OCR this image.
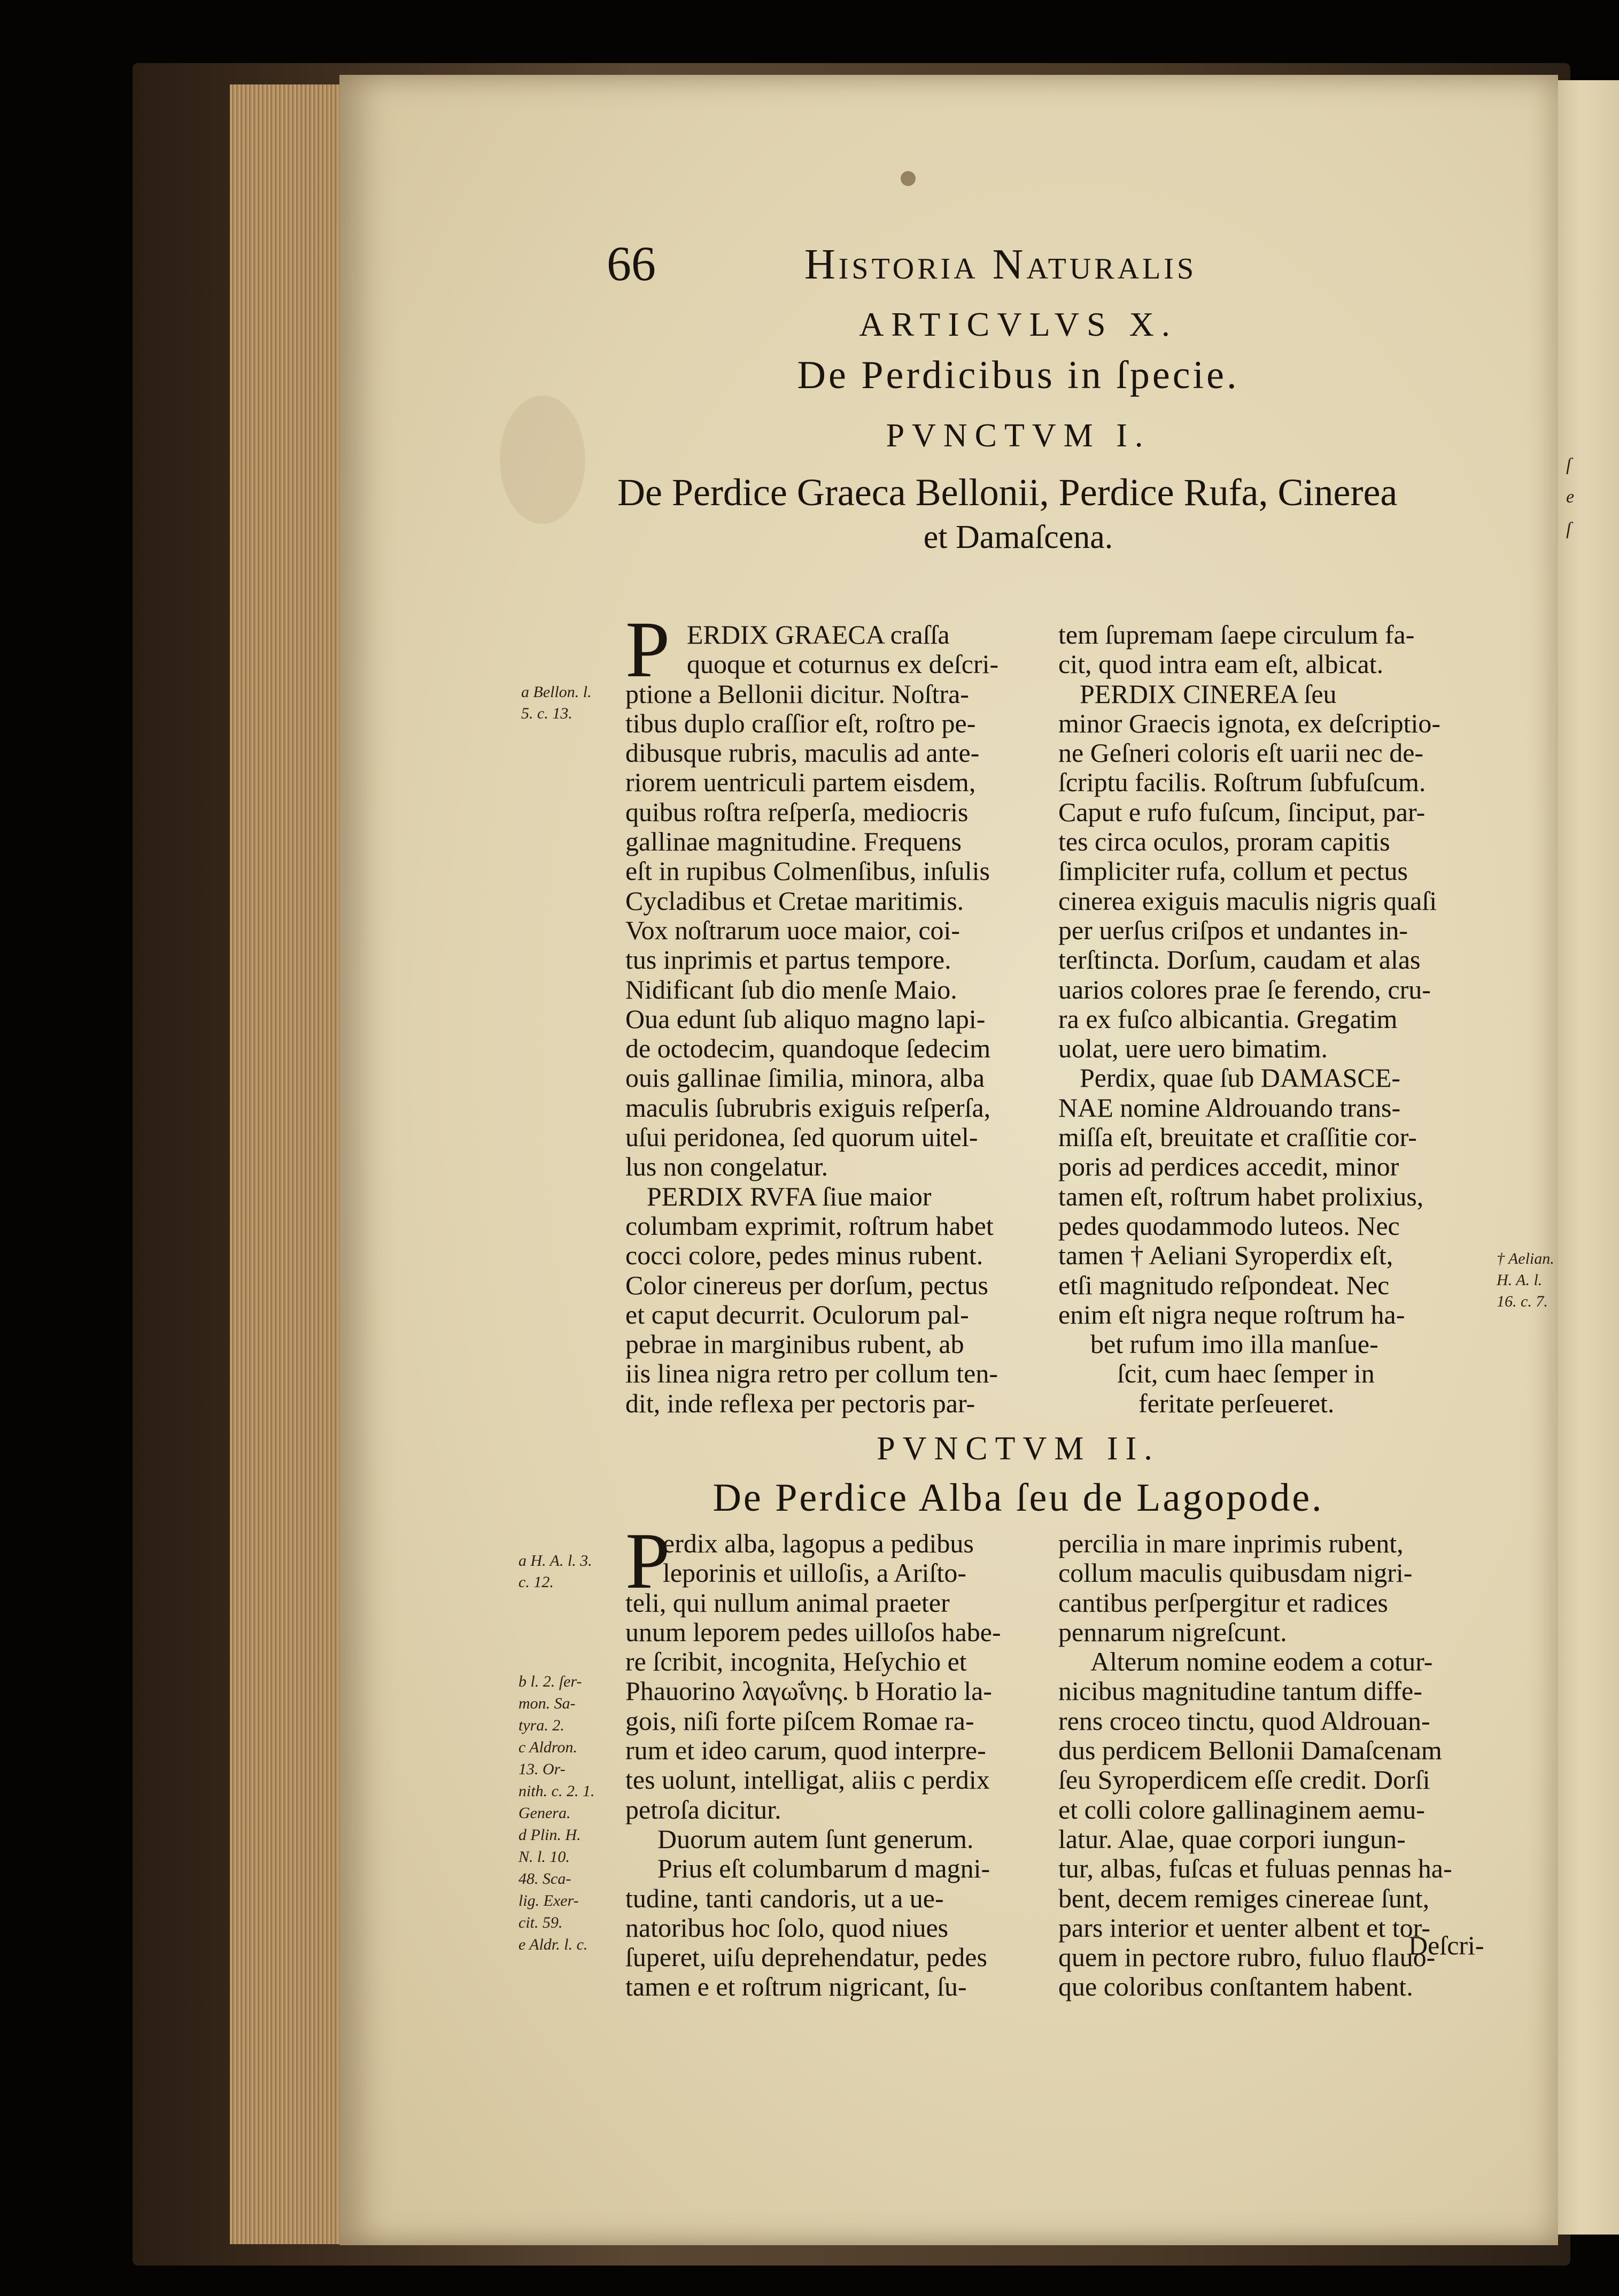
ſ
e
ſ
66	Historia Naturalis
ARTICVLVS X.
De Perdicibus in ſpecie.
PVNCTVM I.
De Perdice Graeca Bellonii, Perdice Rufa, Cinerea
et Damaſcena.
P ERDIX GRAECA craſſa
quoque et coturnus ex deſcri-
ptione a Bellonii dicitur. Noſtra-
tibus duplo craſſior eſt, roſtro pe-
dibusque rubris, maculis ad ante-
riorem uentriculi partem eisdem,
quibus roſtra reſperſa, mediocris
gallinae magnitudine. Frequens
eſt in rupibus Colmenſibus, inſulis
Cycladibus et Cretae maritimis.
Vox noſtrarum uoce maior, coi-
tus inprimis et partus tempore.
Nidificant ſub dio menſe Maio.
Oua edunt ſub aliquo magno lapi-
de octodecim, quandoque ſedecim
ouis gallinae ſimilia, minora, alba
maculis ſubrubris exiguis reſperſa,
uſui peridonea, ſed quorum uitel-
lus non congelatur.
PERDIX RVFA ſiue maior
columbam exprimit, roſtrum habet
cocci colore, pedes minus rubent.
Color cinereus per dorſum, pectus
et caput decurrit. Oculorum pal-
pebrae in marginibus rubent, ab
iis linea nigra retro per collum ten-
dit, inde reflexa per pectoris par-
tem ſupremam ſaepe circulum fa-
cit, quod intra eam eſt, albicat.
PERDIX CINEREA ſeu
minor Graecis ignota, ex deſcriptio-
ne Geſneri coloris eſt uarii nec de-
ſcriptu facilis. Roſtrum ſubfuſcum.
Caput e rufo fuſcum, ſinciput, par-
tes circa oculos, proram capitis
ſimpliciter rufa, collum et pectus
cinerea exiguis maculis nigris quaſi
per uerſus criſpos et undantes in-
terſtincta. Dorſum, caudam et alas
uarios colores prae ſe ferendo, cru-
ra ex fuſco albicantia. Gregatim
uolat, uere uero bimatim.
Perdix, quae ſub DAMASCE-
NAE nomine Aldrouando trans-
miſſa eſt, breuitate et craſſitie cor-
poris ad perdices accedit, minor
tamen eſt, roſtrum habet prolixius,
pedes quodammodo luteos. Nec
tamen † Aeliani Syroperdix eſt,
etſi magnitudo reſpondeat. Nec
enim eſt nigra neque roſtrum ha-
bet rufum imo illa manſue-
ſcit, cum haec ſemper in
feritate perſeueret.
a Bellon. l.
5. c. 13.
† Aelian.
H. A. l.
16. c. 7.
PVNCTVM II.
De Perdice Alba ſeu de Lagopode.
P
erdix alba, lagopus a pedibus
leporinis et uilloſis, a Ariſto-
teli, qui nullum animal praeter
unum leporem pedes uilloſos habe-
re ſcribit, incognita, Heſychio et
Phauorino λαγωΐνης. b Horatio la-
gois, niſi forte piſcem Romae ra-
rum et ideo carum, quod interpre-
tes uolunt, intelligat, aliis c perdix
petroſa dicitur.
Duorum autem ſunt generum.
Prius eſt columbarum d magni-
tudine, tanti candoris, ut a ue-
natoribus hoc ſolo, quod niues
ſuperet, uiſu deprehendatur, pedes
tamen e et roſtrum nigricant, ſu-
percilia in mare inprimis rubent,
collum maculis quibusdam nigri-
cantibus perſpergitur et radices
pennarum nigreſcunt.
Alterum nomine eodem a cotur-
nicibus magnitudine tantum diffe-
rens croceo tinctu, quod Aldrouan-
dus perdicem Bellonii Damaſcenam
ſeu Syroperdicem eſſe credit. Dorſi
et colli colore gallinaginem aemu-
latur. Alae, quae corpori iungun-
tur, albas, fuſcas et fuluas pennas ha-
bent, decem remiges cinereae ſunt,
pars interior et uenter albent et tor-
quem in pectore rubro, fuluo flauo-
que coloribus conſtantem habent.
a H. A. l. 3.
c. 12.
b l. 2. ſer-
mon. Sa-
tyra. 2.
c Aldron.
13. Or-
nith. c. 2. 1.
Genera.
d Plin. H.
N. l. 10.
48. Sca-
lig. Exer-
cit. 59.
e Aldr. l. c.	Deſcri-
